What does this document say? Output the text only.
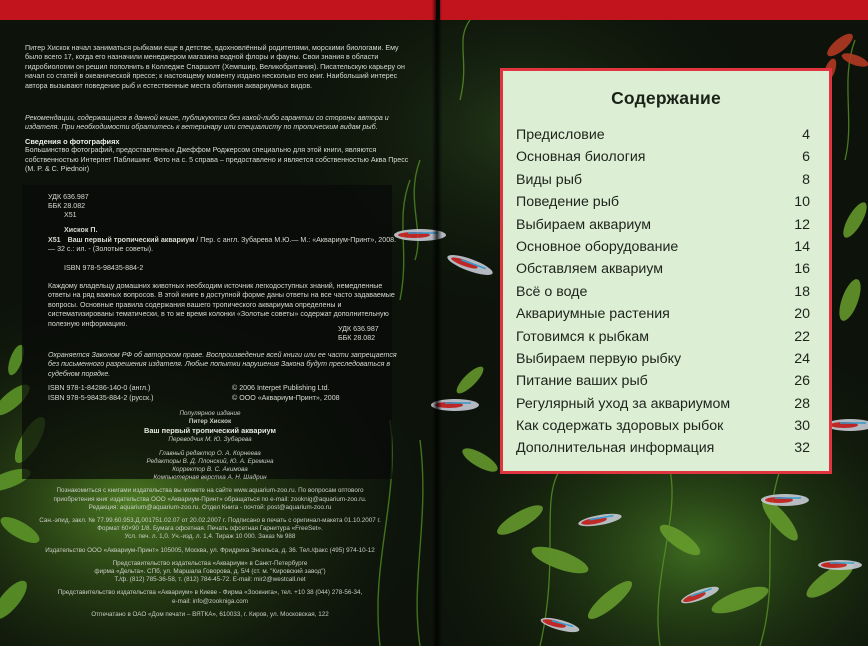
Питер Хискок начал заниматься рыбками еще в детстве, вдохновлённый родителями, морскими биологами. Ему было всего 17, когда его назначили менеджером магазина водной флоры и фауны. Свои знания в области гидробиологии он решил пополнить в Колледже Спаршолт (Хемпшир, Великобритания). Писательскую карьеру он начал со статей в океанической прессе; к настоящему моменту издано несколько его книг. Наибольший интерес автора вызывают поведение рыб и естественные места обитания аквариумных видов.
Рекомендации, содержащиеся в данной книге, публикуются без какой-либо гарантии со стороны автора и издателя. При необходимости обратитесь к ветеринару или специалисту по тропическим видам рыб.
Сведения о фотографиях
Большинство фотографий, предоставленных Джеффом Роджерсом специально для этой книги, являются собственностью Интерпет Паблишинг. Фото на с. 5 справа – предоставлено и является собственностью Аква Пресс (М. P. & C. Piednoir)
УДК 636.987
ББК 28.082
Х51
Хискок П.
Х51 Ваш первый тропический аквариум / Пер. с англ. Зубарева М.Ю.— М.: «Аквариум-Принт», 2008. — 32 с.: ил. - (Золотые советы).
ISBN 978-5-98435-884-2
Каждому владельцу домашних животных необходим источник легкодоступных знаний, немедленные ответы на ряд важных вопросов. В этой книге в доступной форме даны ответы на все часто задаваемые вопросы. Основные правила содержания вашего тропического аквариума определены и систематизированы тематически, в то же время колонки «Золотые советы» содержат дополнительную полезную информацию.
УДК 636.987
ББК 28.082
Охраняется Законом РФ об авторском праве. Воспроизведение всей книги или ее части запрещается без письменного разрешения издателя. Любые попытки нарушения Закона будут преследоваться в судебном порядке.
ISBN 978-1-84286-140-0 (англ.)
ISBN 978-5-98435-884-2 (русск.)
© 2006 Interpet Publishing Ltd.
© ООО «Аквариум-Принт», 2008
Популярное издание
Питер Хискок
Ваш первый тропический аквариум
Переводчик М. Ю. Зубарева
Главный редактор О. А. Корнеева
Редакторы В. Д. Плонский, Ю. А. Еремина
Корректор В. С. Акимова
Компьютерная верстка А. Н. Шадрин
Познакомиться с книгами издательства вы можете на сайте www.aquarium-zoo.ru. По вопросам оптового
приобретения книг издательства ООО «Аквариум-Принт» обращаться по e-mail: zooknig@aquarium-zoo.ru.
Редакция: aquarium@aquarium-zoo.ru. Отдел Книга - почтой: post@aquarium-zoo.ru
Сан.-эпид. закл. № 77.99.60.953.Д.001751.02.07 от 20.02.2007 г. Подписано в печать с оригинал-макета 01.10.2007 г.
Формат 60×90 1/8. Бумага офсетная. Печать офсетная Гарнитура «FreeSet».
Усл. печ. л. 1,0. Уч.-изд. л. 1,4. Тираж 10 000. Заказ № 988
Издательство ООО «Аквариум-Принт» 105005, Москва, ул. Фридриха Энгельса, д. 36. Тел./факс (495) 974-10-12
Представительство издательства «Аквариум» в Санкт-Петербурге
фирма «Дельта». СПб, ул. Маршала Говорова, д. 5/4 (ст. м. "Кировский завод")
Т./ф. (812) 785-36-58, т. (812) 784-45-72. E-mail: mir2@westcall.net
Представительство издательства «Аквариум» в Киеве - Фирма «Зоокнига», тел. +10 38 (044) 278-56-34,
e-mail: info@zooknigа.com
Отпечатано в ОАО «Дом печати – ВЯТКА», 610033, г. Киров, ул. Московская, 122
Содержание
Предисловие	4
Основная биология	6
Виды рыб	8
Поведение рыб	10
Выбираем аквариум	12
Основное оборудование	14
Обставляем аквариум	16
Всё о воде	18
Аквариумные растения	20
Готовимся к рыбкам	22
Выбираем первую рыбку	24
Питание ваших рыб	26
Регулярный уход за аквариумом	28
Как содержать здоровых рыбок	30
Дополнительная информация	32
